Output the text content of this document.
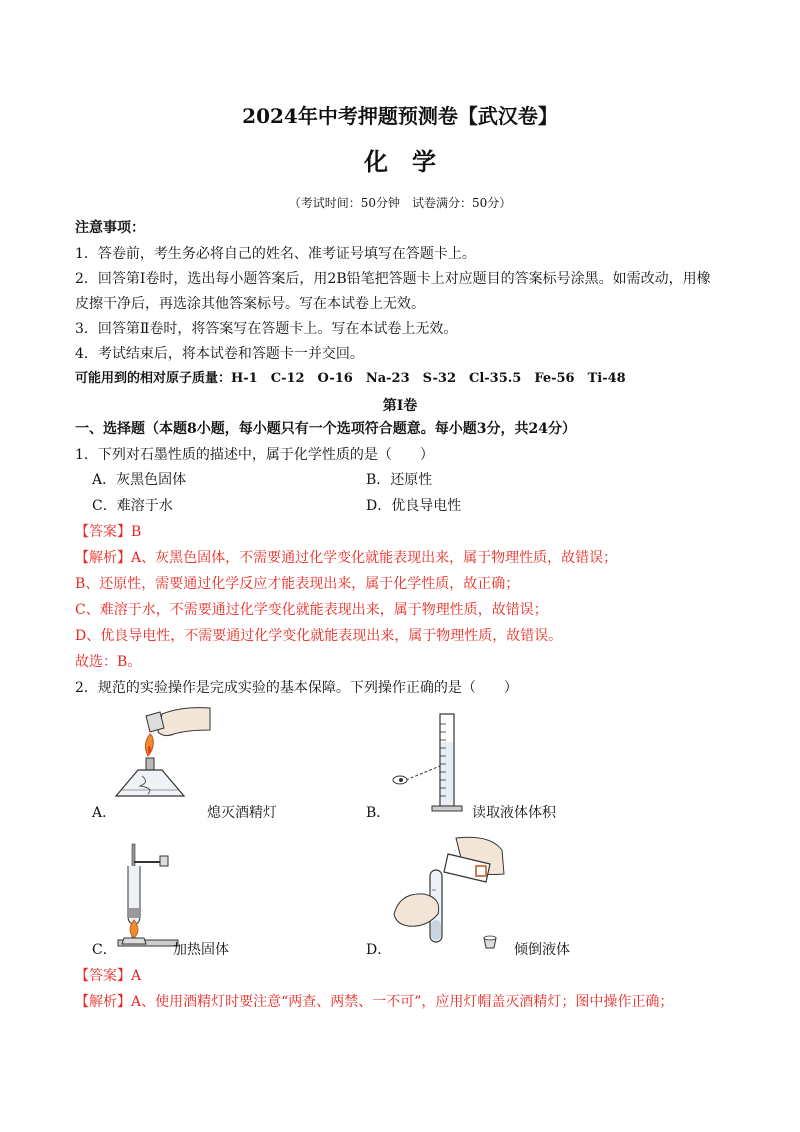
2024年中考押题预测卷【武汉卷】
化学
（考试时间：50分钟　试卷满分：50分）
注意事项：
1．答卷前，考生务必将自己的姓名、准考证号填写在答题卡上。
2．回答第Ⅰ卷时，选出每小题答案后，用2B铅笔把答题卡上对应题目的答案标号涂黑。如需改动，用橡
皮擦干净后，再选涂其他答案标号。写在本试卷上无效。
3．回答第Ⅱ卷时，将答案写在答题卡上。写在本试卷上无效。
4．考试结束后，将本试卷和答题卡一并交回。
可能用到的相对原子质量：H-1　C-12　O-16　Na-23　S-32　Cl-35.5　Fe-56　Ti-48
第Ⅰ卷
一、选择题（本题8小题，每小题只有一个选项符合题意。每小题3分，共24分）
1．下列对石墨性质的描述中，属于化学性质的是（　　）
A．灰黑色固体	B．还原性
C．难溶于水	D．优良导电性
【答案】B
【解析】A、灰黑色固体，不需要通过化学变化就能表现出来，属于物理性质，故错误；
B、还原性，需要通过化学反应才能表现出来，属于化学性质，故正确；
C、难溶于水，不需要通过化学变化就能表现出来，属于物理性质，故错误；
D、优良导电性，不需要通过化学变化就能表现出来，属于物理性质，故错误。
故选：B。
2．规范的实验操作是完成实验的基本保障。下列操作正确的是（　　）
A．	熄灭酒精灯	B．	读取液体体积
C．	加热固体	D．	倾倒液体
【答案】A
【解析】A、使用酒精灯时要注意“两查、两禁、一不可”，应用灯帽盖灭酒精灯；图中操作正确；
